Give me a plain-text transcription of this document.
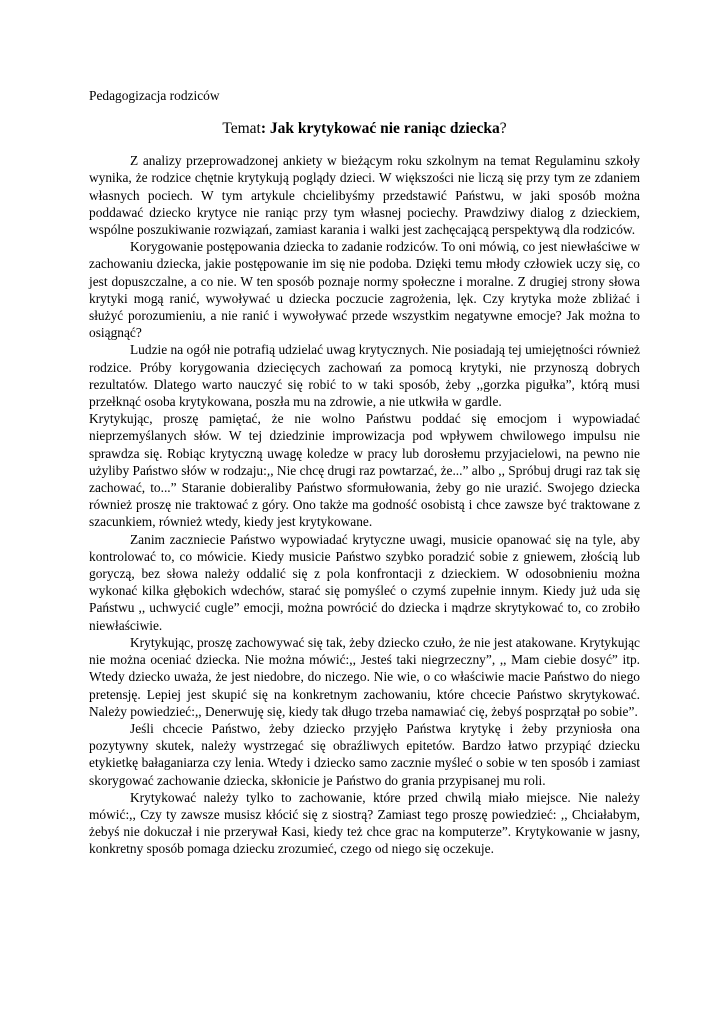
Pedagogizacja rodziców
Temat: Jak krytykować nie raniąc dziecka?

Z analizy przeprowadzonej ankiety w bieżącym roku szkolnym na temat Regulaminu szkoły wynika, że rodzice chętnie krytykują poglądy dzieci. W większości nie liczą się przy tym ze zdaniem własnych pociech. W tym artykule chcielibyśmy przedstawić Państwu, w jaki sposób można poddawać dziecko krytyce nie raniąc przy tym własnej pociechy. Prawdziwy dialog z dzieckiem, wspólne poszukiwanie rozwiązań, zamiast karania i walki jest zachęcającą perspektywą dla rodziców.

Korygowanie postępowania dziecka to zadanie rodziców. To oni mówią, co jest niewłaściwe w zachowaniu dziecka, jakie postępowanie im się nie podoba. Dzięki temu młody człowiek uczy się, co jest dopuszczalne, a co nie. W ten sposób poznaje normy społeczne i moralne. Z drugiej strony słowa krytyki mogą ranić, wywoływać u dziecka poczucie zagrożenia, lęk. Czy krytyka może zbliżać i służyć porozumieniu, a nie ranić i wywoływać przede wszystkim negatywne emocje? Jak można to osiągnąć?

Ludzie na ogół nie potrafią udzielać uwag krytycznych. Nie posiadają tej umiejętności również rodzice. Próby korygowania dziecięcych zachowań za pomocą krytyki, nie przynoszą dobrych rezultatów. Dlatego warto nauczyć się robić to w taki sposób, żeby ,,gorzka pigułka”, którą musi przełknąć osoba krytykowana, poszła mu na zdrowie, a nie utkwiła w gardle.

Krytykując, proszę pamiętać, że nie wolno Państwu poddać się emocjom i wypowiadać nieprzemyślanych słów. W tej dziedzinie improwizacja pod wpływem chwilowego impulsu nie sprawdza się. Robiąc krytyczną uwagę koledze w pracy lub dorosłemu przyjacielowi, na pewno nie użyliby Państwo słów w rodzaju:,, Nie chcę drugi raz powtarzać, że...” albo ,, Spróbuj drugi raz tak się zachować, to...” Staranie dobieraliby Państwo sformułowania, żeby go nie urazić. Swojego dziecka również proszę nie traktować z góry. Ono także ma godność osobistą i chce zawsze być traktowane z szacunkiem, również wtedy, kiedy jest krytykowane.

Zanim zaczniecie Państwo wypowiadać krytyczne uwagi, musicie opanować się na tyle, aby kontrolować to, co mówicie. Kiedy musicie Państwo szybko poradzić sobie z gniewem, złością lub goryczą, bez słowa należy oddalić się z pola konfrontacji z dzieckiem. W odosobnieniu można wykonać kilka głębokich wdechów, starać się pomyśleć o czymś zupełnie innym. Kiedy już uda się Państwu ,, uchwycić cugle” emocji, można powrócić do dziecka i mądrze skrytykować to, co zrobiło niewłaściwie.

Krytykując, proszę zachowywać się tak, żeby dziecko czuło, że nie jest atakowane. Krytykując nie można oceniać dziecka. Nie można mówić:,, Jesteś taki niegrzeczny”, ,, Mam ciebie dosyć” itp. Wtedy dziecko uważa, że jest niedobre, do niczego. Nie wie, o co właściwie macie Państwo do niego pretensję. Lepiej jest skupić się na konkretnym zachowaniu, które chcecie Państwo skrytykować. Należy powiedzieć:,, Denerwuję się, kiedy tak długo trzeba namawiać cię, żebyś posprzątał po sobie”.

Jeśli chcecie Państwo, żeby dziecko przyjęło Państwa krytykę i żeby przyniosła ona pozytywny skutek, należy wystrzegać się obraźliwych epitetów. Bardzo łatwo przypiąć dziecku etykietkę bałaganiarza czy lenia. Wtedy i dziecko samo zacznie myśleć o sobie w ten sposób i zamiast skorygować zachowanie dziecka, skłonicie je Państwo do grania przypisanej mu roli.

Krytykować należy tylko to zachowanie, które przed chwilą miało miejsce. Nie należy mówić:,, Czy ty zawsze musisz kłócić się z siostrą? Zamiast tego proszę powiedzieć: ,, Chciałabym, żebyś nie dokuczał i nie przerywał Kasi, kiedy też chce grac na komputerze”. Krytykowanie w jasny, konkretny sposób pomaga dziecku zrozumieć, czego od niego się oczekuje.
